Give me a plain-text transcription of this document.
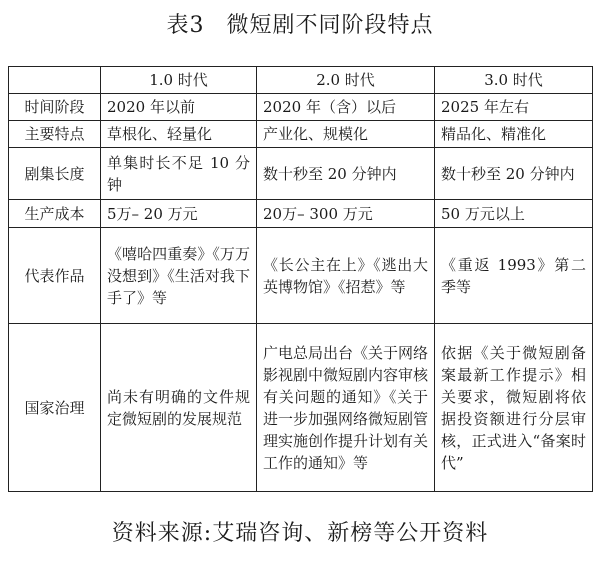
表3 微短剧不同阶段特点
	1.0 时代	2.0 时代	3.0 时代
时间阶段	2020 年以前	2020 年（含）以后	2025 年左右
主要特点	草根化、轻量化	产业化、规模化	精品化、精准化
剧集长度	单集时长不足 10 分钟	数十秒至 20 分钟内	数十秒至 20 分钟内
生产成本	5万– 20 万元	20万– 300 万元	50 万元以上
代表作品	《嘻哈四重奏》《万万没想到》《生活对我下手了》等	《长公主在上》《逃出大英博物馆》《招惹》等	《重返 1993》第二季等
国家治理	尚未有明确的文件规定微短剧的发展规范	广电总局出台《关于网络影视剧中微短剧内容审核有关问题的通知》《关于进一步加强网络微短剧管理实施创作提升计划有关工作的通知》等	依据《关于微短剧备案最新工作提示》相关要求，微短剧将依据投资额进行分层审核，正式进入“备案时代”
资料来源:艾瑞咨询、新榜等公开资料
